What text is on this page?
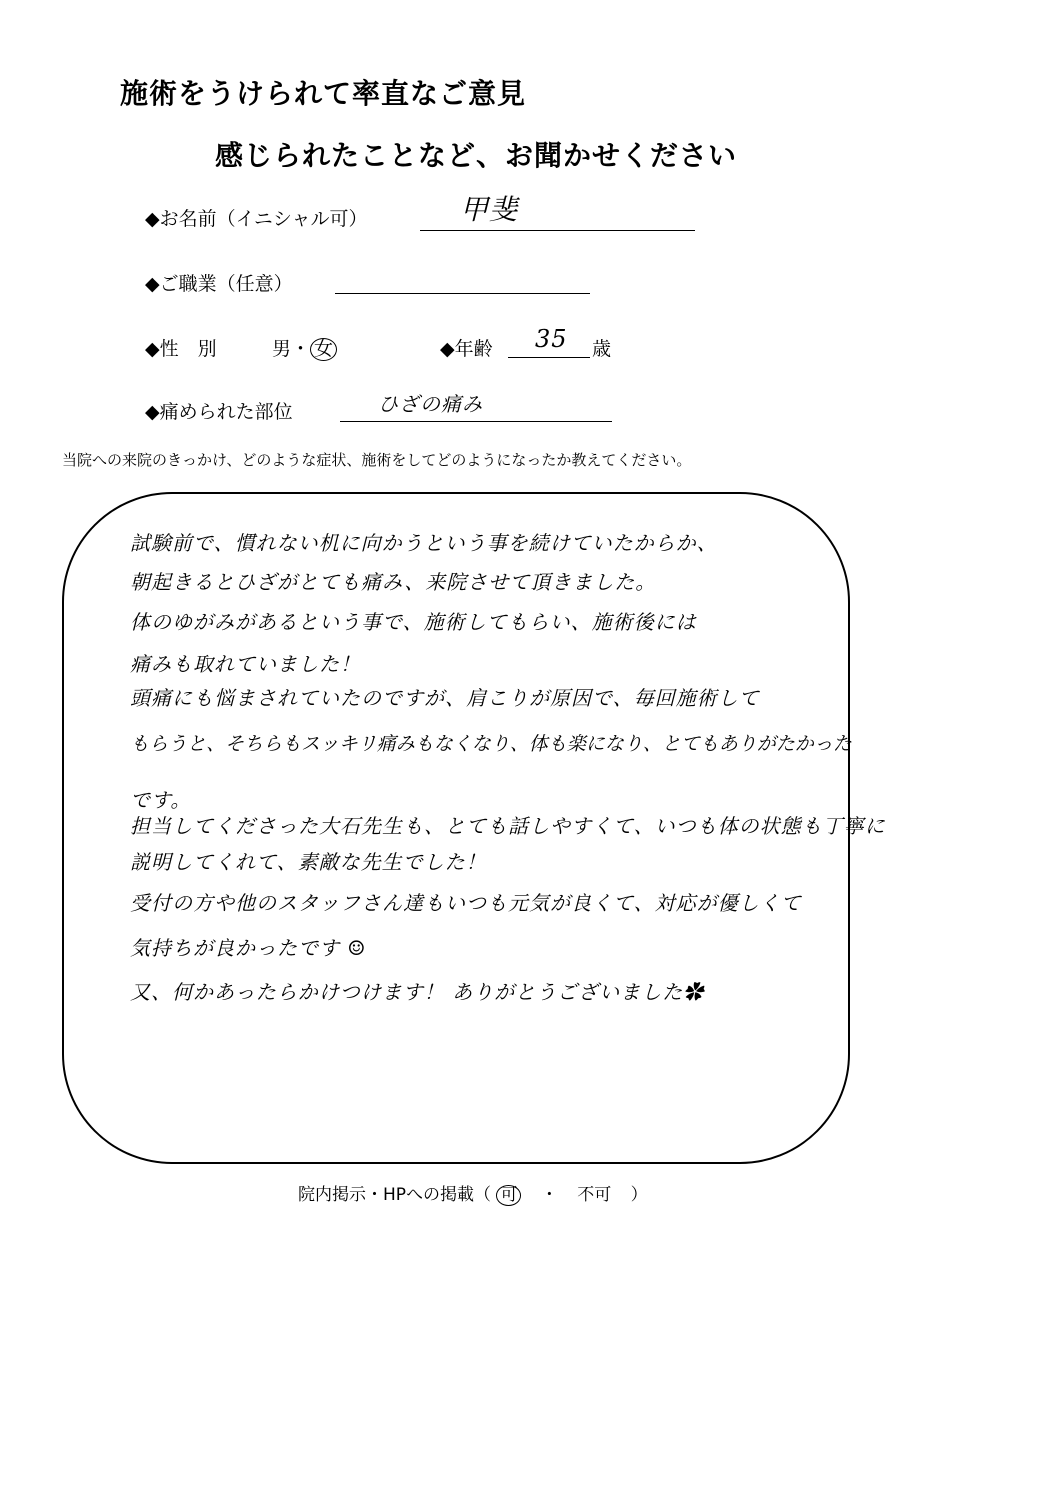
施術をうけられて率直なご意見
感じられたことなど、お聞かせください
◆お名前（イニシャル可）	甲斐
◆ご職業（任意）
◆性　別	男・ 女	◆年齢 35 歳
◆痛められた部位	ひざの痛み
当院への来院のきっかけ、どのような症状、施術をしてどのようになったか教えてください。
試験前で、慣れない机に向かうという事を続けていたからか、
朝起きるとひざがとても痛み、来院させて頂きました。
体のゆがみがあるという事で、施術してもらい、施術後には
痛みも取れていました！
頭痛にも悩まされていたのですが、肩こりが原因で、毎回施術して
もらうと、そちらもスッキリ痛みもなくなり、体も楽になり、とてもありがたかった
です。
担当してくださった大石先生も、とても話しやすくて、いつも体の状態も丁寧に
説明してくれて、素敵な先生でした！
受付の方や他のスタッフさん達もいつも元気が良くて、対応が優しくて
気持ちが良かったです ☺
又、何かあったらかけつけます！ ありがとうございました✿
院内掲示・HPへの掲載（ 可 ・ 不可 ）
